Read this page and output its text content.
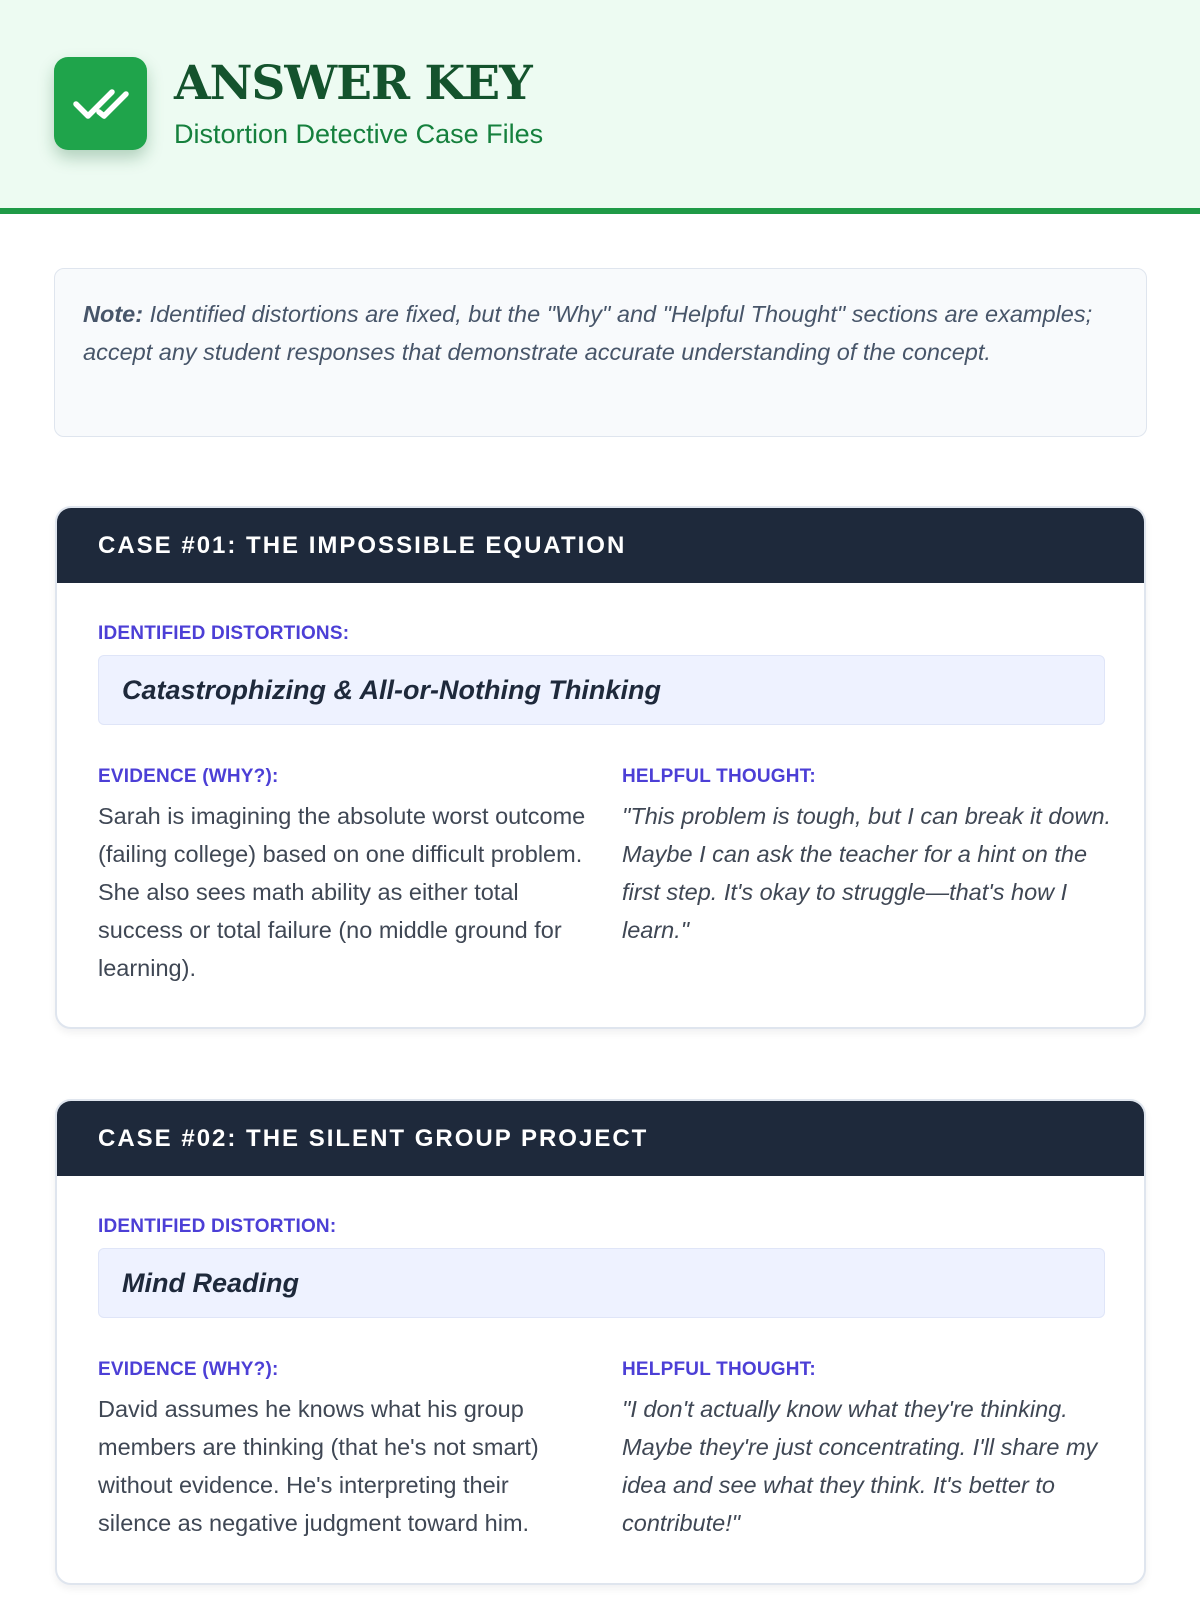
ANSWER KEY
Distortion Detective Case Files
Note: Identified distortions are fixed, but the "Why" and "Helpful Thought" sections are examples; accept any student responses that demonstrate accurate understanding of the concept.
CASE #01: THE IMPOSSIBLE EQUATION
IDENTIFIED DISTORTIONS:
Catastrophizing & All-or-Nothing Thinking
EVIDENCE (WHY?):	HELPFUL THOUGHT:
Sarah is imagining the absolute worst outcome (failing college) based on one difficult problem. She also sees math ability as either total success or total failure (no middle ground for learning).
"This problem is tough, but I can break it down. Maybe I can ask the teacher for a hint on the first step. It's okay to struggle—that's how I learn."
CASE #02: THE SILENT GROUP PROJECT
IDENTIFIED DISTORTION:
Mind Reading
EVIDENCE (WHY?):	HELPFUL THOUGHT:
David assumes he knows what his group members are thinking (that he's not smart) without evidence. He's interpreting their silence as negative judgment toward him.
"I don't actually know what they're thinking. Maybe they're just concentrating. I'll share my idea and see what they think. It's better to contribute!"
